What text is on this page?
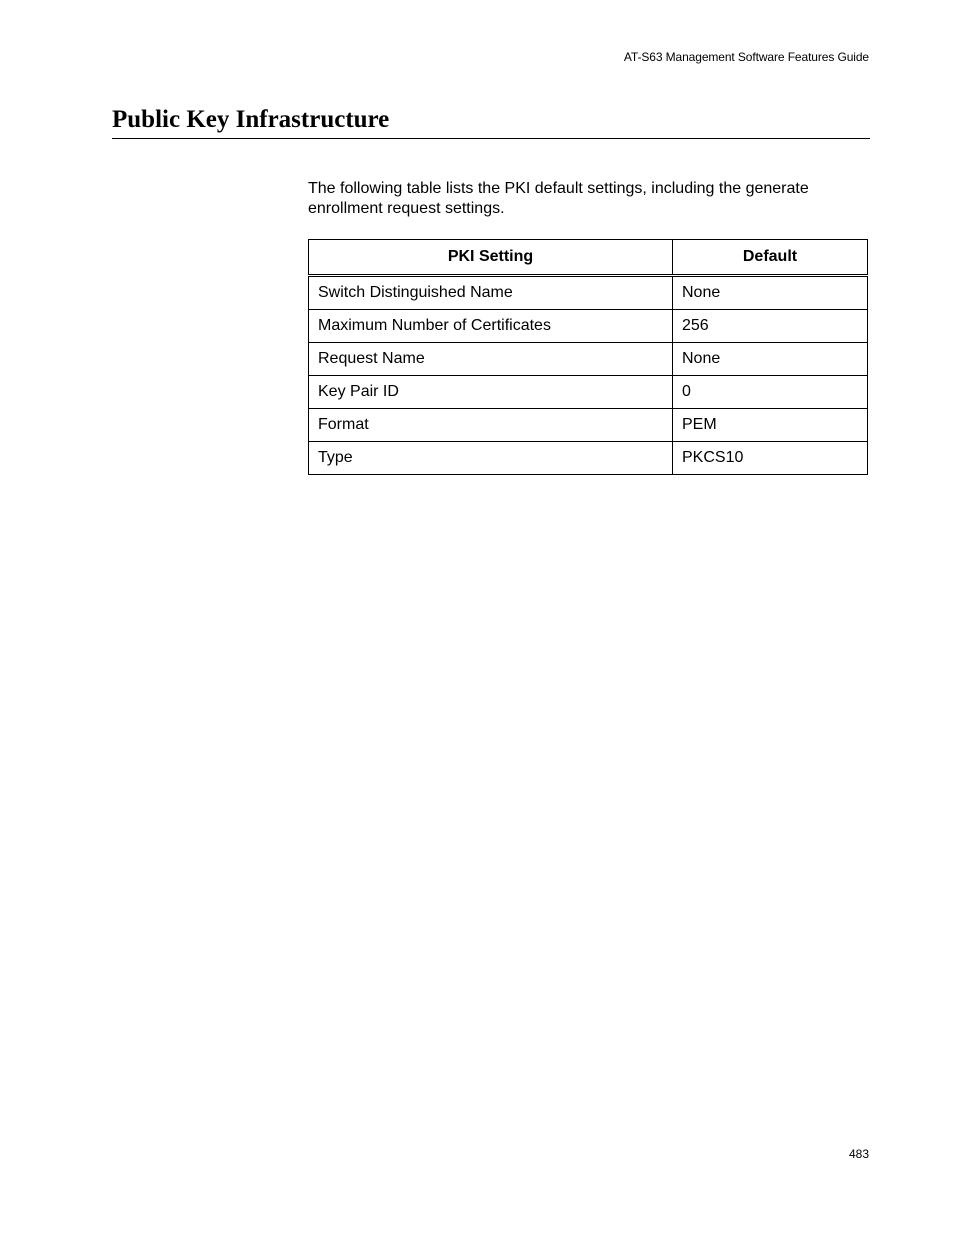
AT-S63 Management Software Features Guide
Public Key Infrastructure

The following table lists the PKI default settings, including the generate enrollment request settings.

PKI Setting	Default
Switch Distinguished Name	None
Maximum Number of Certificates	256
Request Name	None
Key Pair ID	0
Format	PEM
Type	PKCS10
483
